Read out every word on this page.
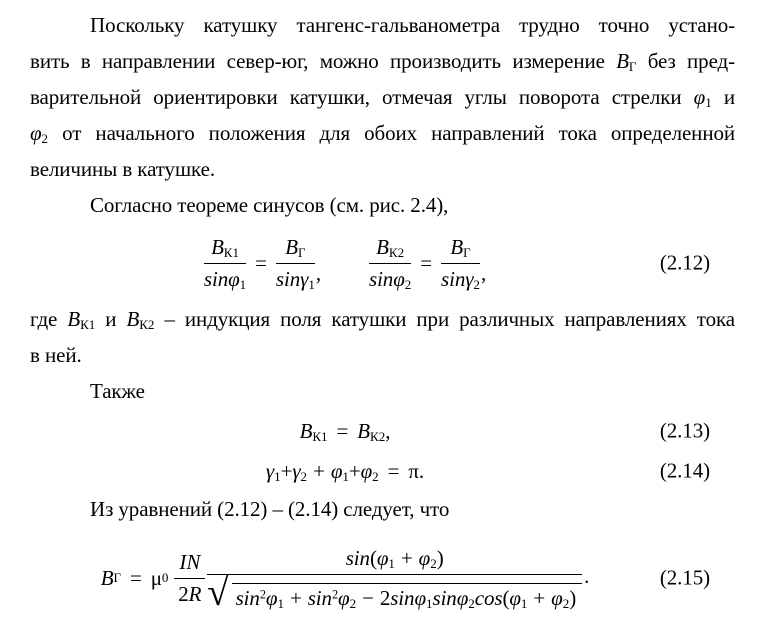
Поскольку катушку тангенс-гальванометра трудно точно устано-
вить в направлении север-юг, можно производить измерение $B_Г$ без пред-
варительной ориентировки катушки, отмечая углы поворота стрелки $\varphi_1$ и
$\varphi_2$ от начального положения для обоих направлений тока определенной
величины в катушке.
Согласно теореме синусов (см. рис. 2.4),
$\frac{B_{К1}}{\sin\varphi_1} = \frac{B_Г}{\sin\gamma_1}$ , $\frac{B_{К2}}{\sin\varphi_2} = \frac{B_Г}{\sin\gamma_2}$ ,	(2.12)
где $B_{К1}$ и $B_{К2}$ – индукция поля катушки при различных направлениях тока
в ней.
Также
$B_{К1} = B_{К2}$,	(2.13)
$\gamma_1+\gamma_2 + \varphi_1+\varphi_2 = \pi$.	(2.14)
Из уравнений (2.12) – (2.14) следует, что
B Г = μ $0 \frac{IN}{2R} \frac{\sin(\varphi_1 + \varphi_2)}{√ \sin^2\varphi_1 + \sin^2\varphi_2 - 2\sin\varphi_1\sin\varphi_2\cos(\varphi_1 + \varphi_2)}$ .	(2.15)
